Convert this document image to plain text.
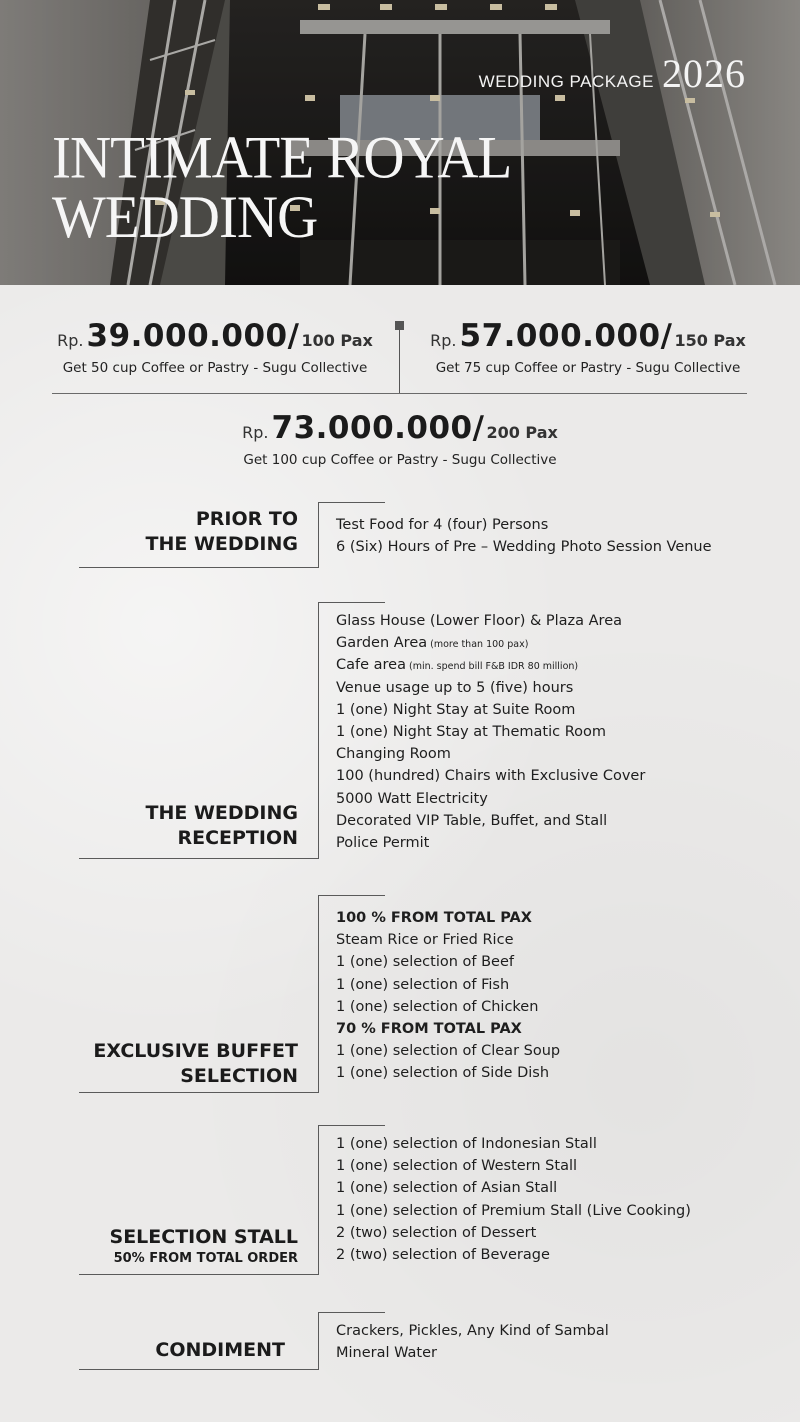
WEDDING PACKAGE 2026
INTIMATE ROYAL
WEDDING
Rp. 39.000.000/ 100 Pax
Get 50 cup Coffee or Pastry - Sugu Collective
Rp. 57.000.000/ 150 Pax
Get 75 cup Coffee or Pastry - Sugu Collective
Rp. 73.000.000/ 200 Pax
Get 100 cup Coffee or Pastry - Sugu Collective
PRIOR TO
THE WEDDING
Test Food for 4 (four) Persons
6 (Six) Hours of Pre – Wedding Photo Session Venue
THE WEDDING
RECEPTION
Glass House (Lower Floor) & Plaza Area
Garden Area (more than 100 pax)
Cafe area (min. spend bill F&B IDR 80 million)
Venue usage up to 5 (five) hours
1 (one) Night Stay at Suite Room
1 (one) Night Stay at Thematic Room
Changing Room
100 (hundred) Chairs with Exclusive Cover
5000 Watt Electricity
Decorated VIP Table, Buffet, and Stall
Police Permit
EXCLUSIVE BUFFET
SELECTION
100 % FROM TOTAL PAX
Steam Rice or Fried Rice
1 (one) selection of Beef
1 (one) selection of Fish
1 (one) selection of Chicken
70 % FROM TOTAL PAX
1 (one) selection of Clear Soup
1 (one) selection of Side Dish
SELECTION STALL
50% FROM TOTAL ORDER
1 (one) selection of Indonesian Stall
1 (one) selection of Western Stall
1 (one) selection of Asian Stall
1 (one) selection of Premium Stall (Live Cooking)
2 (two) selection of Dessert
2 (two) selection of Beverage
CONDIMENT
Crackers, Pickles, Any Kind of Sambal
Mineral Water
